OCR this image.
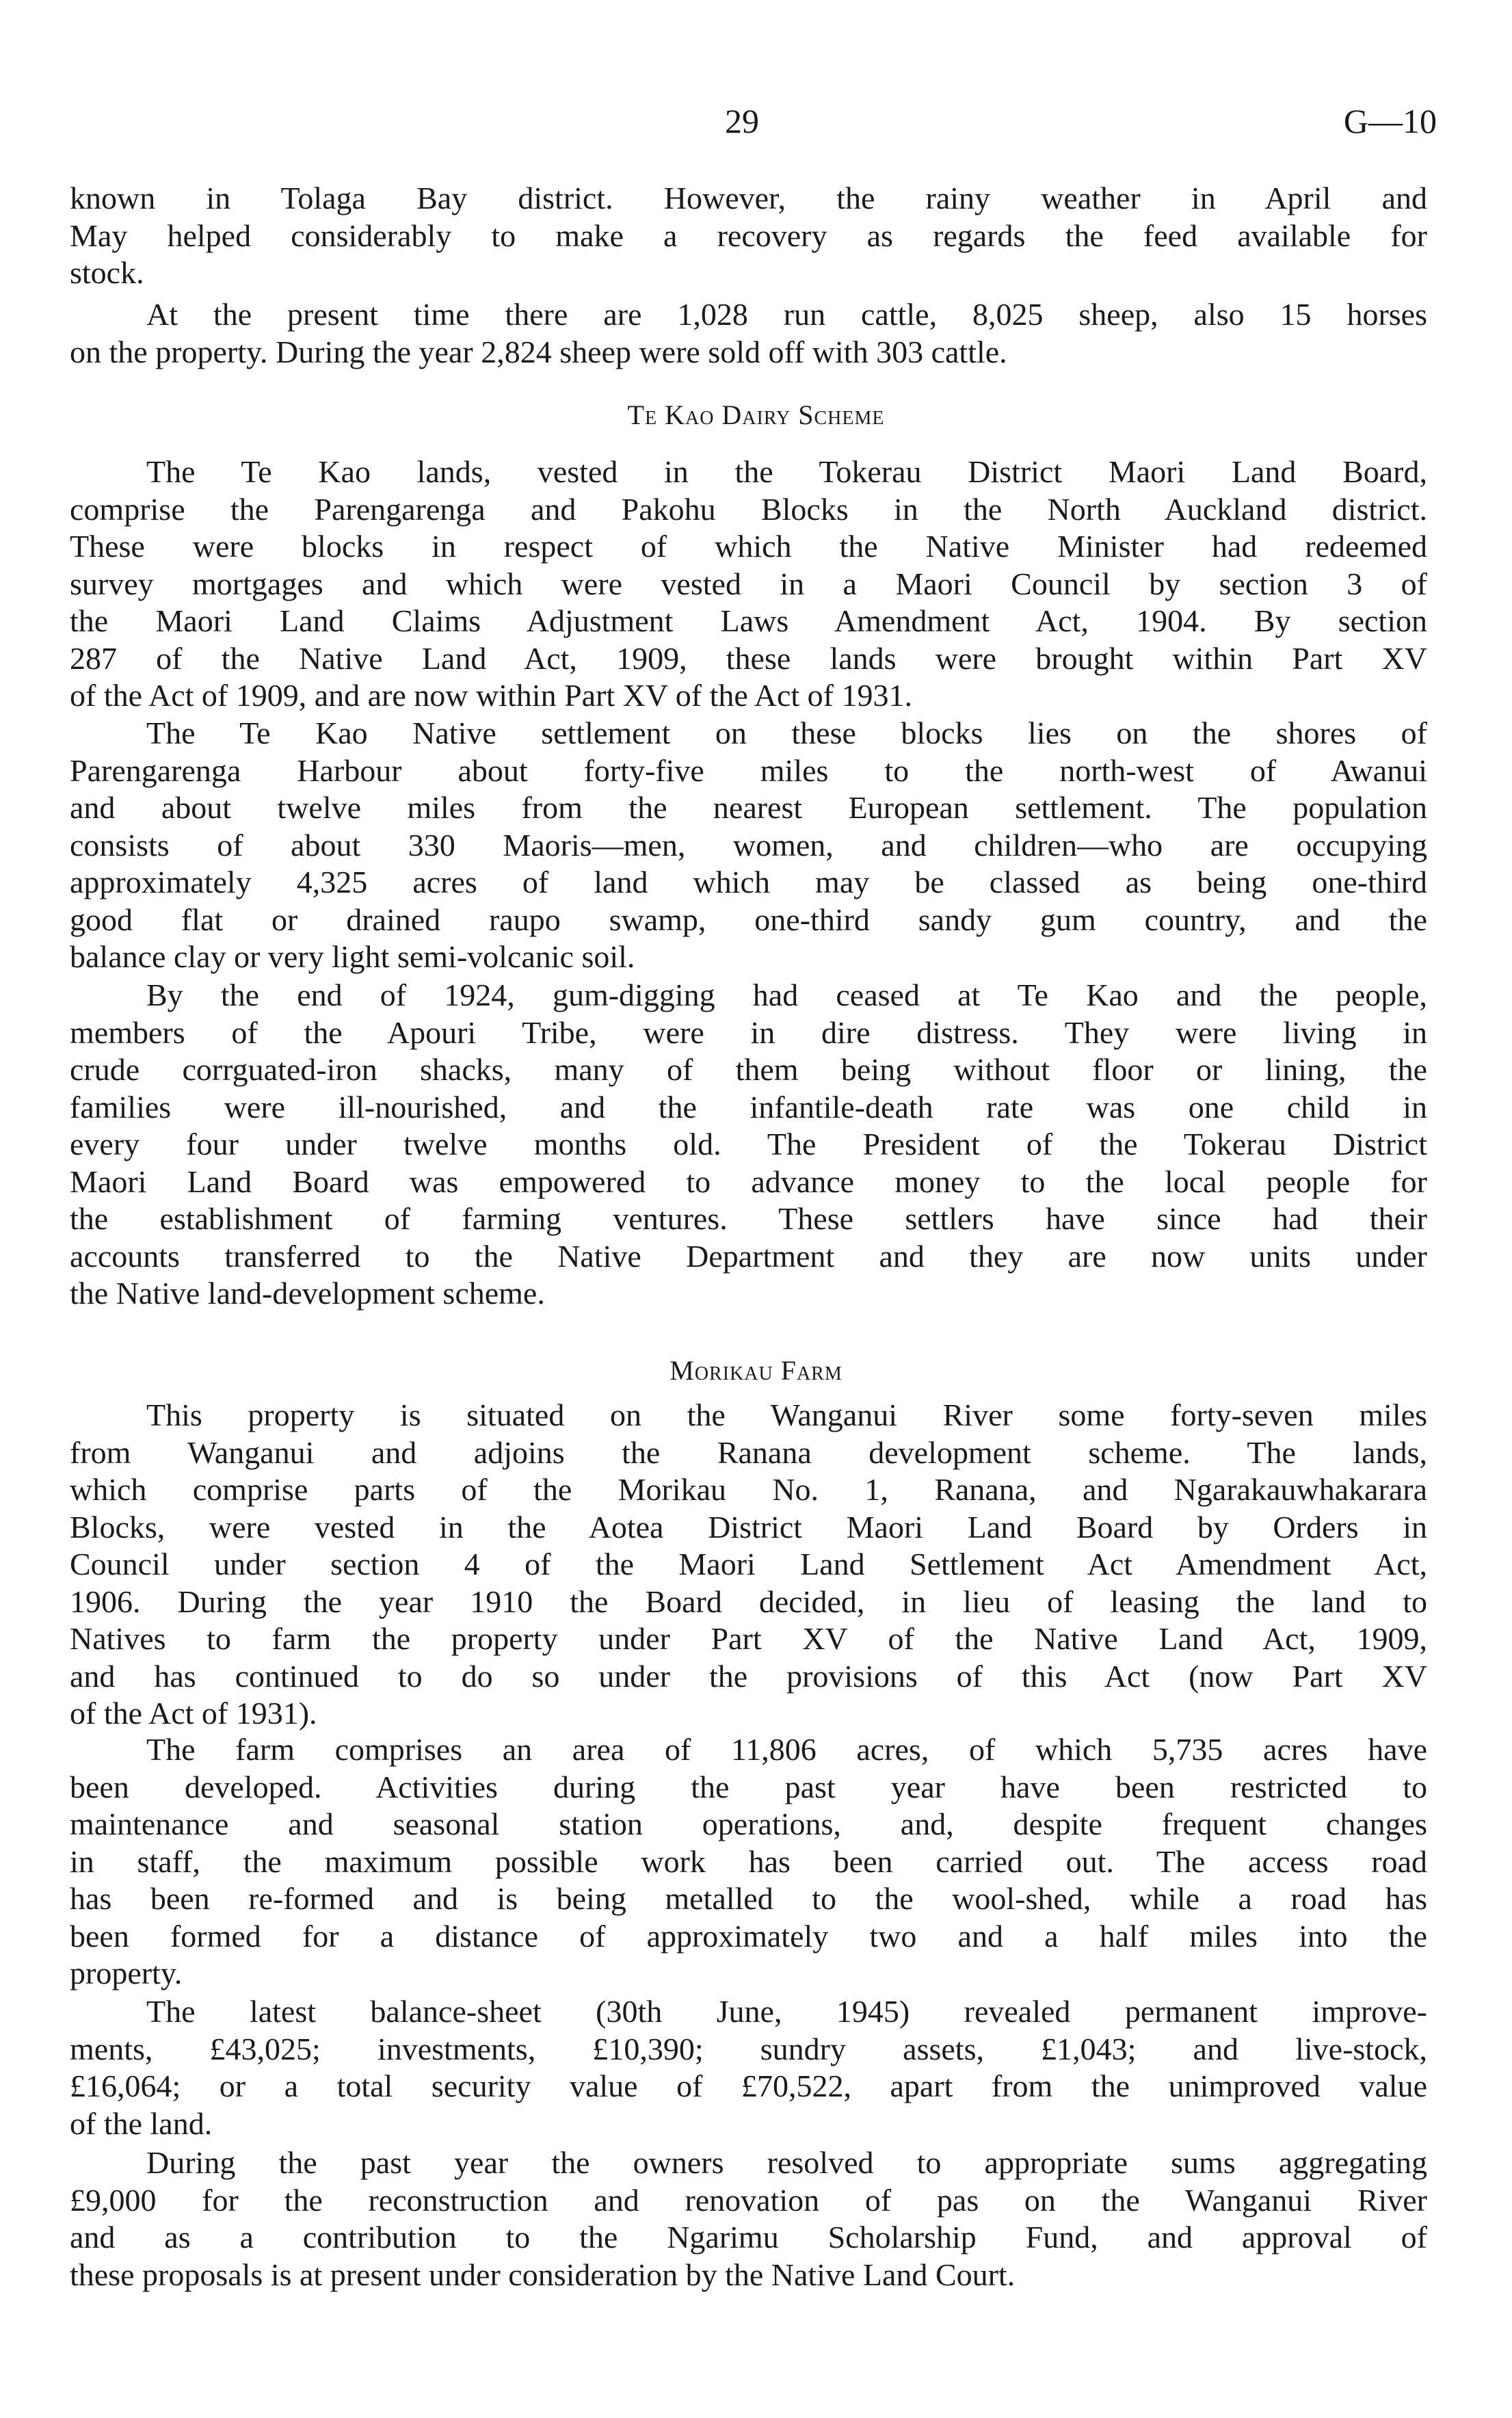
29	G—10
known in Tolaga Bay district. However, the rainy weather in April and
May helped considerably to make a recovery as regards the feed available for
stock.
At the present time there are 1,028 run cattle, 8,025 sheep, also 15 horses
on the property. During the year 2,824 sheep were sold off with 303 cattle.
Te Kao Dairy Scheme
The Te Kao lands, vested in the Tokerau District Maori Land Board,
comprise the Parengarenga and Pakohu Blocks in the North Auckland district.
These were blocks in respect of which the Native Minister had redeemed
survey mortgages and which were vested in a Maori Council by section 3 of
the Maori Land Claims Adjustment Laws Amendment Act, 1904. By section
287 of the Native Land Act, 1909, these lands were brought within Part XV
of the Act of 1909, and are now within Part XV of the Act of 1931.
The Te Kao Native settlement on these blocks lies on the shores of
Parengarenga Harbour about forty-five miles to the north-west of Awanui
and about twelve miles from the nearest European settlement. The population
consists of about 330 Maoris—men, women, and children—who are occupying
approximately 4,325 acres of land which may be classed as being one-third
good flat or drained raupo swamp, one-third sandy gum country, and the
balance clay or very light semi-volcanic soil.
By the end of 1924, gum-digging had ceased at Te Kao and the people,
members of the Apouri Tribe, were in dire distress. They were living in
crude corrguated-iron shacks, many of them being without floor or lining, the
families were ill-nourished, and the infantile-death rate was one child in
every four under twelve months old. The President of the Tokerau District
Maori Land Board was empowered to advance money to the local people for
the establishment of farming ventures. These settlers have since had their
accounts transferred to the Native Department and they are now units under
the Native land-development scheme.
Morikau Farm
This property is situated on the Wanganui River some forty-seven miles
from Wanganui and adjoins the Ranana development scheme. The lands,
which comprise parts of the Morikau No. 1, Ranana, and Ngarakauwhakarara
Blocks, were vested in the Aotea District Maori Land Board by Orders in
Council under section 4 of the Maori Land Settlement Act Amendment Act,
1906. During the year 1910 the Board decided, in lieu of leasing the land to
Natives to farm the property under Part XV of the Native Land Act, 1909,
and has continued to do so under the provisions of this Act (now Part XV
of the Act of 1931).
The farm comprises an area of 11,806 acres, of which 5,735 acres have
been developed. Activities during the past year have been restricted to
maintenance and seasonal station operations, and, despite frequent changes
in staff, the maximum possible work has been carried out. The access road
has been re-formed and is being metalled to the wool-shed, while a road has
been formed for a distance of approximately two and a half miles into the
property.
The latest balance-sheet (30th June, 1945) revealed permanent improve-
ments, £43,025; investments, £10,390; sundry assets, £1,043; and live-stock,
£16,064; or a total security value of £70,522, apart from the unimproved value
of the land.
During the past year the owners resolved to appropriate sums aggregating
£9,000 for the reconstruction and renovation of pas on the Wanganui River
and as a contribution to the Ngarimu Scholarship Fund, and approval of
these proposals is at present under consideration by the Native Land Court.
